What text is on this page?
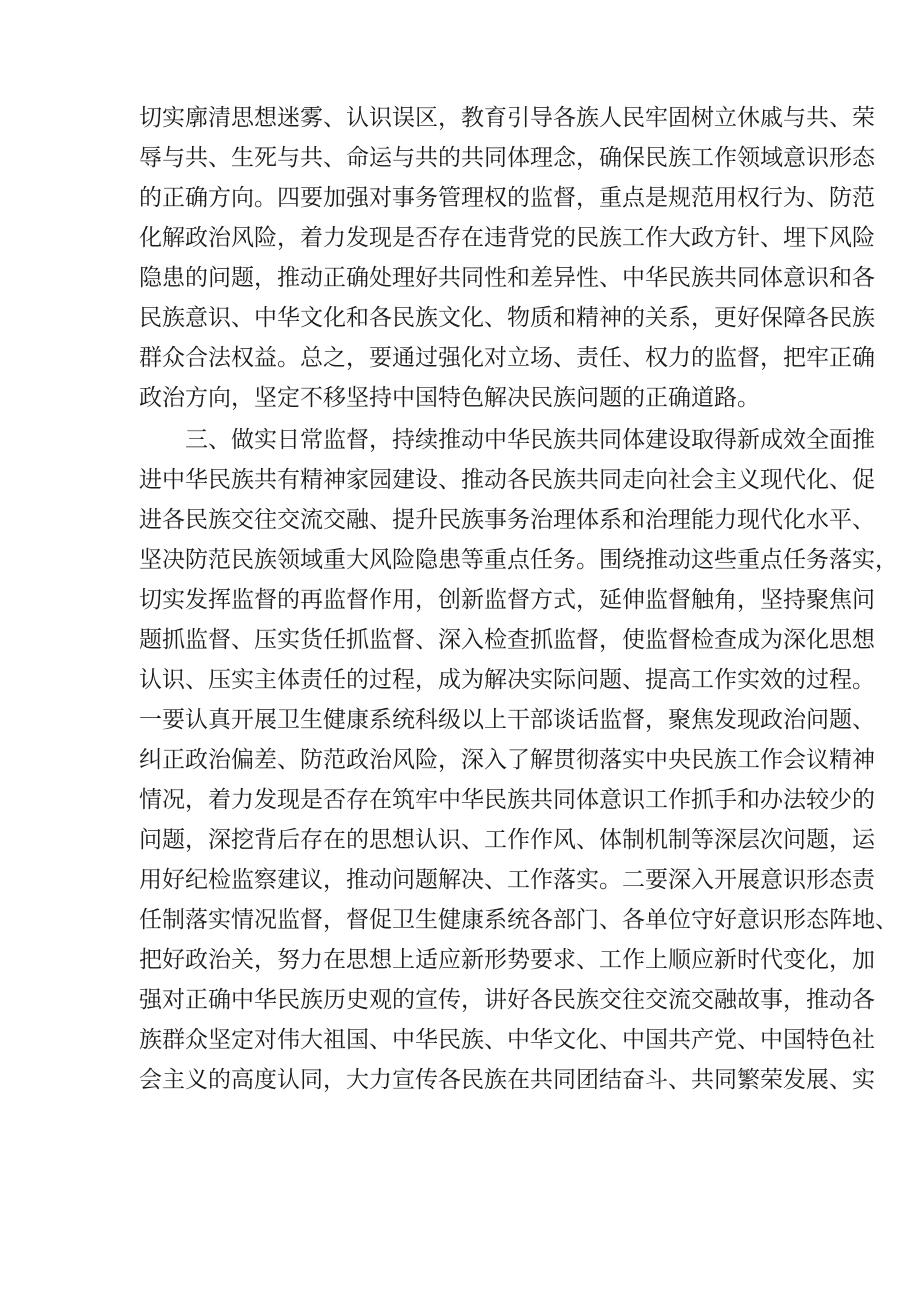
切实廓清思想迷雾、认识误区，教育引导各族人民牢固树立休戚与共、荣
辱与共、生死与共、命运与共的共同体理念，确保民族工作领域意识形态
的正确方向。四要加强对事务管理权的监督，重点是规范用权行为、防范
化解政治风险，着力发现是否存在违背党的民族工作大政方针、埋下风险
隐患的问题，推动正确处理好共同性和差异性、中华民族共同体意识和各
民族意识、中华文化和各民族文化、物质和精神的关系，更好保障各民族
群众合法权益。总之，要通过强化对立场、责任、权力的监督，把牢正确
政治方向，坚定不移坚持中国特色解决民族问题的正确道路。
三、做实日常监督，持续推动中华民族共同体建设取得新成效全面推
进中华民族共有精神家园建设、推动各民族共同走向社会主义现代化、促
进各民族交往交流交融、提升民族事务治理体系和治理能力现代化水平、
坚决防范民族领域重大风险隐患等重点任务。围绕推动这些重点任务落实，
切实发挥监督的再监督作用，创新监督方式，延伸监督触角，坚持聚焦问
题抓监督、压实货任抓监督、深入检查抓监督，使监督检查成为深化思想
认识、压实主体责任的过程，成为解决实际问题、提高工作实效的过程。
一要认真开展卫生健康系统科级以上干部谈话监督，聚焦发现政治问题、
纠正政治偏差、防范政治风险，深入了解贯彻落实中央民族工作会议精神
情况，着力发现是否存在筑牢中华民族共同体意识工作抓手和办法较少的
问题，深挖背后存在的思想认识、工作作风、体制机制等深层次问题，运
用好纪检监察建议，推动问题解决、工作落实。二要深入开展意识形态责
任制落实情况监督，督促卫生健康系统各部门、各单位守好意识形态阵地、
把好政治关，努力在思想上适应新形势要求、工作上顺应新时代变化，加
强对正确中华民族历史观的宣传，讲好各民族交往交流交融故事，推动各
族群众坚定对伟大祖国、中华民族、中华文化、中国共产党、中国特色社
会主义的高度认同，大力宣传各民族在共同团结奋斗、共同繁荣发展、实
